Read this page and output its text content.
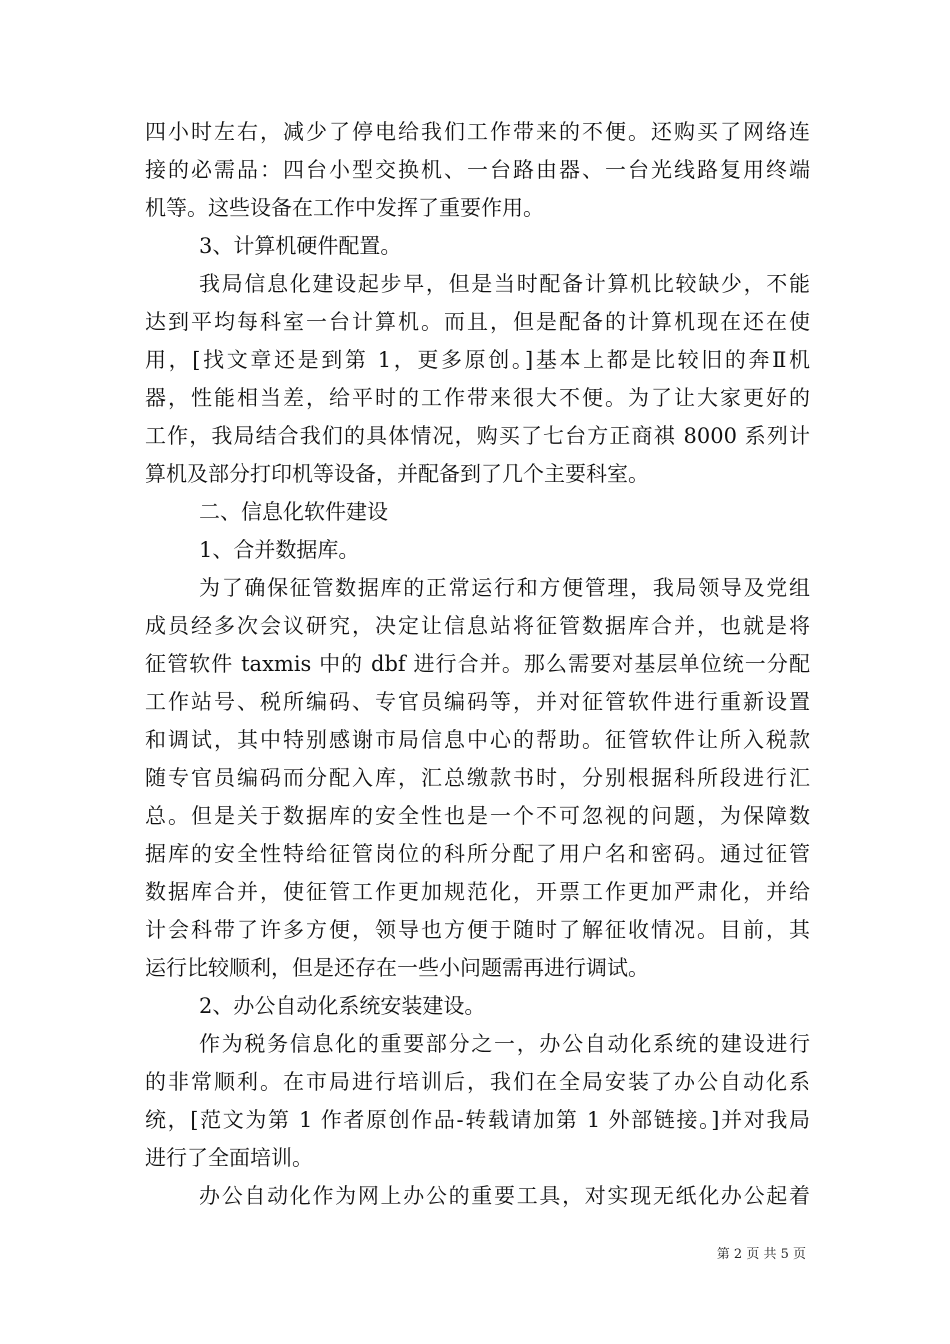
四小时左右，减少了停电给我们工作带来的不便。还购买了网络连
接的必需品：四台小型交换机、一台路由器、一台光线路复用终端
机等。这些设备在工作中发挥了重要作用。
3、计算机硬件配置。
我局信息化建设起步早，但是当时配备计算机比较缺少，不能
达到平均每科室一台计算机。而且，但是配备的计算机现在还在使
用，[找文章还是到第 1，更多原创。]基本上都是比较旧的奔Ⅱ机
器，性能相当差，给平时的工作带来很大不便。为了让大家更好的
工作，我局结合我们的具体情况，购买了七台方正商祺 8000 系列计
算机及部分打印机等设备，并配备到了几个主要科室。
二、信息化软件建设
1、合并数据库。
为了确保征管数据库的正常运行和方便管理，我局领导及党组
成员经多次会议研究，决定让信息站将征管数据库合并，也就是将
征管软件 taxmis 中的 dbf 进行合并。那么需要对基层单位统一分配
工作站号、税所编码、专官员编码等，并对征管软件进行重新设置
和调试，其中特别感谢市局信息中心的帮助。征管软件让所入税款
随专官员编码而分配入库，汇总缴款书时，分别根据科所段进行汇
总。但是关于数据库的安全性也是一个不可忽视的问题，为保障数
据库的安全性特给征管岗位的科所分配了用户名和密码。通过征管
数据库合并，使征管工作更加规范化，开票工作更加严肃化，并给
计会科带了许多方便，领导也方便于随时了解征收情况。目前，其
运行比较顺利，但是还存在一些小问题需再进行调试。
2、办公自动化系统安装建设。
作为税务信息化的重要部分之一，办公自动化系统的建设进行
的非常顺利。在市局进行培训后，我们在全局安装了办公自动化系
统，[范文为第 1 作者原创作品-转载请加第 1 外部链接。]并对我局
进行了全面培训。
办公自动化作为网上办公的重要工具，对实现无纸化办公起着
第 2 页 共 5 页
